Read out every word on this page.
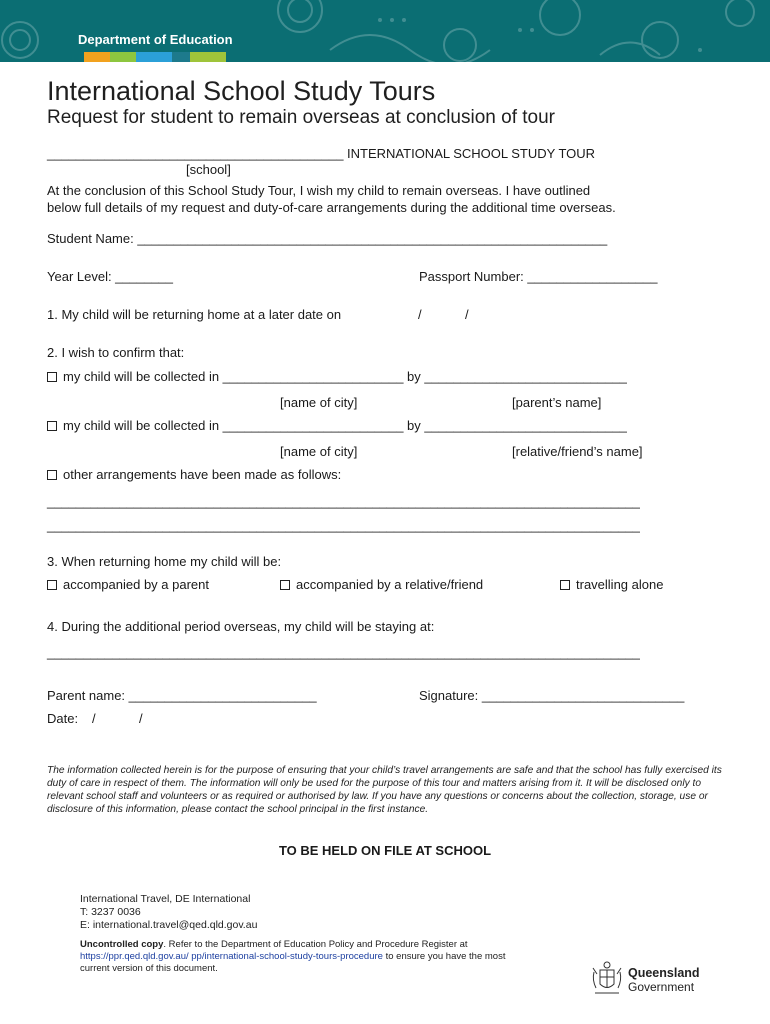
Department of Education
International School Study Tours
Request for student to remain overseas at conclusion of tour
_________________________________________ INTERNATIONAL SCHOOL STUDY TOUR
[school]
At the conclusion of this School Study Tour, I wish my child to remain overseas. I have outlined
below full details of my request and duty-of-care arrangements during the additional time overseas.
Student Name: _________________________________________________________________
Year Level: ________	Passport Number: __________________
1. My child will be returning home at a later date on	/	/
2. I wish to confirm that:
my child will be collected in _________________________ by ____________________________
[name of city]	[parent’s name]
my child will be collected in _________________________ by ____________________________
[name of city]	[relative/friend’s name]
other arrangements have been made as follows:
__________________________________________________________________________________
__________________________________________________________________________________
3. When returning home my child will be:
accompanied by a parent	accompanied by a relative/friend	travelling alone
4. During the additional period overseas, my child will be staying at:
__________________________________________________________________________________
Parent name: __________________________	Signature: ____________________________
Date: /	/
The information collected herein is for the purpose of ensuring that your child’s travel arrangements are safe and that the school has fully exercised its duty of care in respect of them. The information will only be used for the purpose of this tour and matters arising from it. It will be disclosed only to relevant school staff and volunteers or as required or authorised by law. If you have any questions or concerns about the collection, storage, use or disclosure of this information, please contact the school principal in the first instance.
TO BE HELD ON FILE AT SCHOOL
International Travel, DE International
T: 3237 0036
E: international.travel@qed.qld.gov.au
Uncontrolled copy. Refer to the Department of Education Policy and Procedure Register at
https://ppr.qed.qld.gov.au/ pp/international-school-study-tours-procedure to ensure you have the most
current version of this document.	Queensland
Government
